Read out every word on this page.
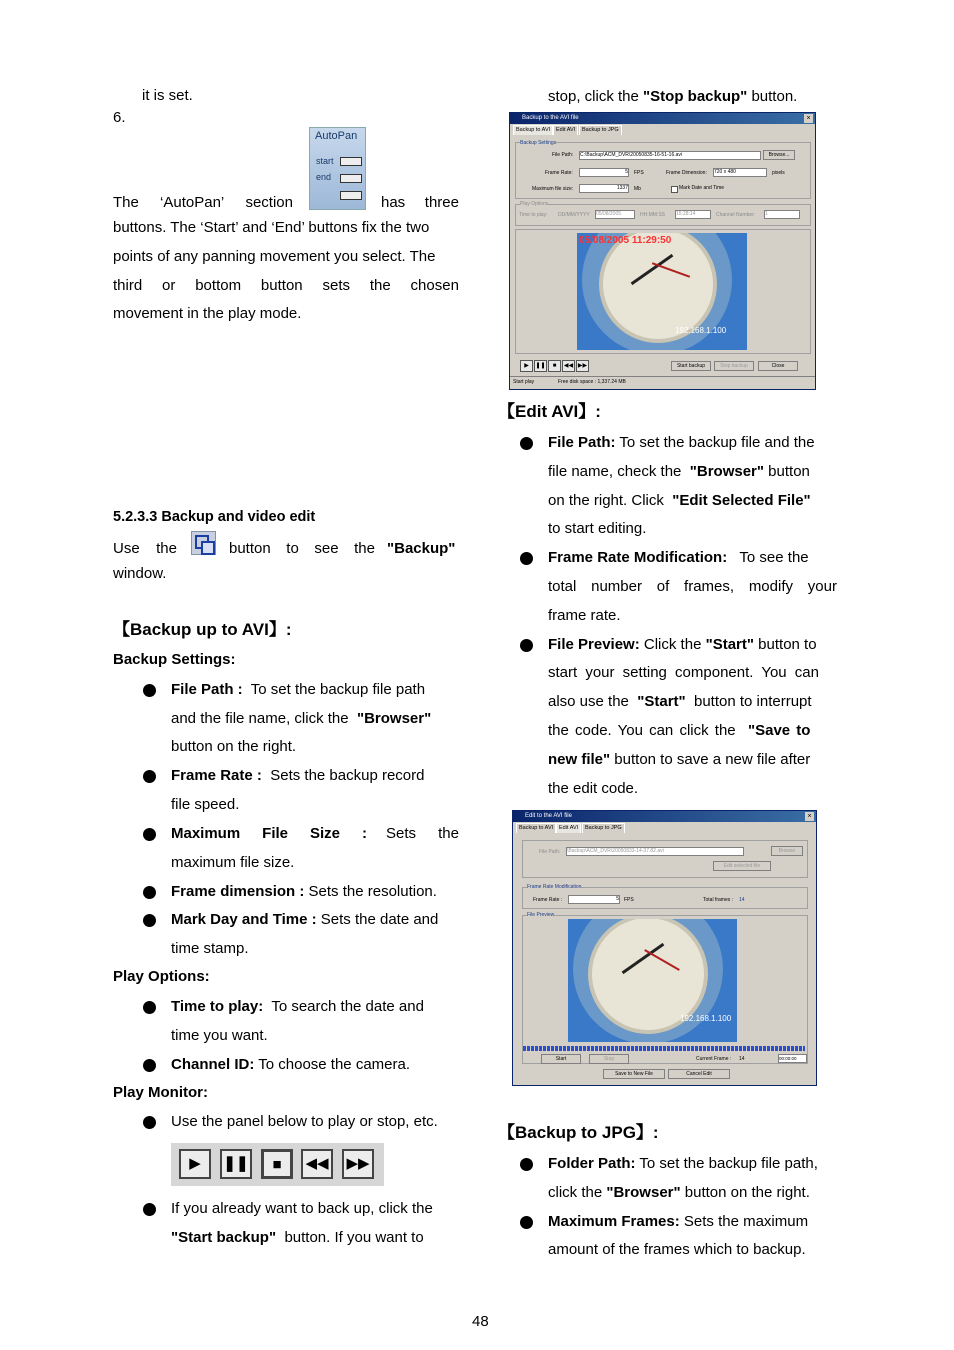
it is set.
6.
AutoPan
start
end
The ‘AutoPan’ section	has three
buttons. The ‘Start’ and ‘End’ buttons fix the two
points of any panning movement you select. The
third or bottom button sets the chosen
movement in the play mode.
5.2.3.3 Backup and video edit
Use the	button to see the "Backup"
window.
【Backup up to AVI】:
Backup Settings:
File Path : To set the backup file path
and the file name, click the "Browser"
button on the right.
Frame Rate : Sets the backup record
file speed.
Maximum File Size : Sets the
maximum file size.
Frame dimension : Sets the resolution.
Mark Day and Time : Sets the date and
time stamp.
Play Options:
Time to play: To search the date and
time you want.
Channel ID: To choose the camera.
Play Monitor:
Use the panel below to play or stop, etc.
▶	❚❚	■	◀◀ ▶▶
If you already want to back up, click the
"Start backup" button. If you want to
stop, click the "Stop backup" button.
Backup to the AVI file	×
Backup to AVI	Edit AVI	Backup to JPG
Backup Settings
File Path: C:\Backup\ACM_DVR\20050835-16-51-16.avi	Browse...
Frame Rate:	5 FPS	Frame Dimension: 720 x 480	pixels
Maximum file size:	1337 Mb	Mark Date and Time
Play Options
Time to play: DD/MM/YYYY 05/08/2005	HH:MM:SS 15:28:14	Channel Number: 1
05/08/2005 11:29:50
192.168.1.100
▶	❚❚	■	◀◀ ▶▶	Start backup	Stop backup	Close
Start play	Free disk space : 1,337.24 MB
【Edit AVI】:
File Path: To set the backup file and the
file name, check the "Browser" button
on the right. Click "Edit Selected File"
to start editing.
Frame Rate Modification: To see the
total number of frames, modify your
frame rate.
File Preview: Click the "Start" button to
start your setting component. You can
also use the "Start" button to interrupt
the code. You can click the "Save to
new file" button to save a new file after
the edit code.
Edit to the AVI file	×
Backup to AVI	Edit AVI	Backup to JPG
File Path: \Backup\ACM_DVR\20050833-14-37.82.avi	Browse
Edit selected file
Frame Rate Modification
Frame Rate :	5 FPS	Total frames : 14
File Preview
192.168.1.100
Start	Stop	Current Frame : 14	00:00:00
Save to New File	Cancel Edit
【Backup to JPG】:
Folder Path: To set the backup file path,
click the "Browser" button on the right.
Maximum Frames: Sets the maximum
amount of the frames which to backup.
48
